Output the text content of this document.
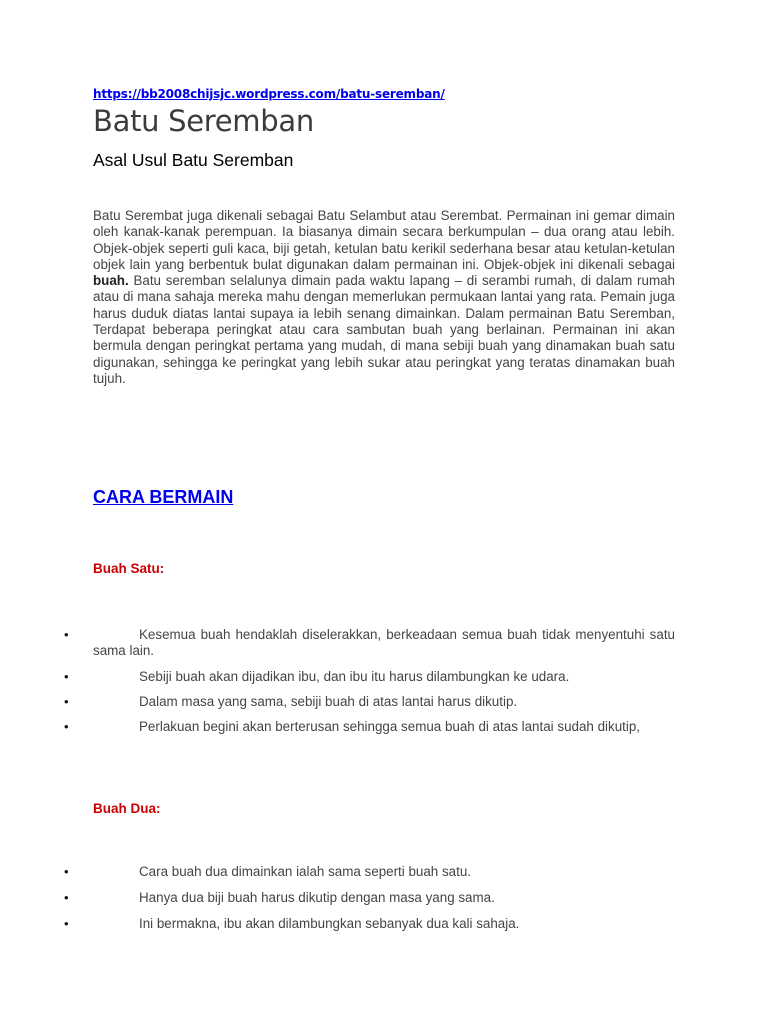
https://bb2008chijsjc.wordpress.com/batu-seremban/
Batu Seremban
Asal Usul Batu Seremban

Batu Serembat juga dikenali sebagai Batu Selambut atau Serembat. Permainan ini gemar dimain oleh kanak-kanak perempuan. Ia biasanya dimain secara berkumpulan – dua orang atau lebih. Objek-objek seperti guli kaca, biji getah, ketulan batu kerikil sederhana besar atau ketulan-ketulan objek lain yang berbentuk bulat digunakan dalam permainan ini. Objek-objek ini dikenali sebagai buah. Batu seremban selalunya dimain pada waktu lapang – di serambi rumah, di dalam rumah atau di mana sahaja mereka mahu dengan memerlukan permukaan lantai yang rata. Pemain juga harus duduk diatas lantai supaya ia lebih senang dimainkan. Dalam permainan Batu Seremban, Terdapat beberapa peringkat atau cara sambutan buah yang berlainan. Permainan ini akan bermula dengan peringkat pertama yang mudah, di mana sebiji buah yang dinamakan buah satu digunakan, sehingga ke peringkat yang lebih sukar atau peringkat yang teratas dinamakan buah tujuh.

CARA BERMAIN
Buah Satu:
•	Kesemua buah hendaklah diselerakkan, berkeadaan semua buah tidak menyentuhi satu sama lain.
•	Sebiji buah akan dijadikan ibu, dan ibu itu harus dilambungkan ke udara.
•	Dalam masa yang sama, sebiji buah di atas lantai harus dikutip.
•	Perlakuan begini akan berterusan sehingga semua buah di atas lantai sudah dikutip,
Buah Dua:
•	Cara buah dua dimainkan ialah sama seperti buah satu.
•	Hanya dua biji buah harus dikutip dengan masa yang sama.
•	Ini bermakna, ibu akan dilambungkan sebanyak dua kali sahaja.
